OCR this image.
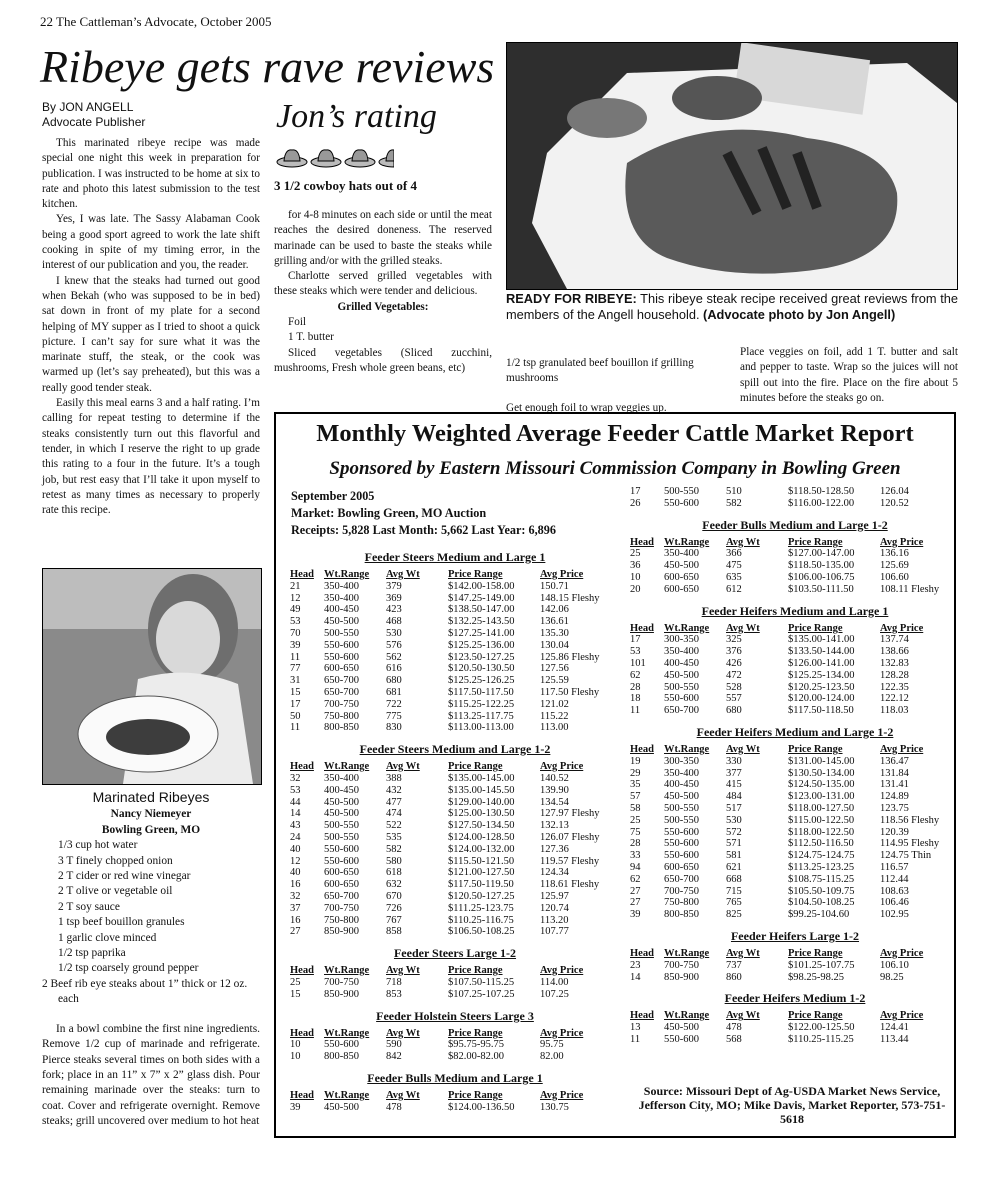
22 The Cattleman’s Advocate, October 2005
Ribeye gets rave reviews
By JON ANGELL
Advocate Publisher

This marinated ribeye recipe was made special one night this week in preparation for publication. I was instructed to be home at six to rate and photo this latest submission to the test kitchen.

Yes, I was late. The Sassy Alabaman Cook being a good sport agreed to work the late shift cooking in spite of my timing error, in the interest of our publication and you, the reader.

I knew that the steaks had turned out good when Bekah (who was supposed to be in bed) sat down in front of my plate for a second helping of MY supper as I tried to shoot a quick picture. I can’t say for sure what it was the marinate stuff, the steak, or the cook was warmed up (let’s say preheated), but this was a really good tender steak.

Easily this meal earns 3 and a half rating. I’m calling for repeat testing to determine if the steaks consistently turn out this flavorful and tender, in which I reserve the right to up grade this rating to a four in the future. It’s a tough job, but rest easy that I’ll take it upon myself to retest as many times as necessary to properly rate this recipe.

Jon’s rating
3 1/2 cowboy hats out of 4

for 4-8 minutes on each side or until the meat reaches the desired doneness. The reserved marinade can be used to baste the steaks while grilling and/or with the grilled steaks.

Charlotte served grilled vegetables with these steaks which were tender and delicious.

Grilled Vegetables:

Foil

1 T. butter

Sliced vegetables (Sliced zucchini, mushrooms, Fresh whole green beans, etc)

READY FOR RIBEYE: This ribeye steak recipe received great reviews from the members of the Angell household. (Advocate photo by Jon Angell)

1/2 tsp granulated beef bouillon if grilling mushrooms

Get enough foil to wrap veggies up.

Place veggies on foil, add 1 T. butter and salt and pepper to taste. Wrap so the juices will not spill out into the fire. Place on the fire about 5 minutes before the steaks go on.
Marinated Ribeyes
Nancy Niemeyer
Bowling Green, MO
1/3 cup hot water
3 T finely chopped onion
2 T cider or red wine vinegar
2 T olive or vegetable oil
2 T soy sauce
1 tsp beef bouillon granules
1 garlic clove minced
1/2 tsp paprika
1/2 tsp coarsely ground pepper
2 Beef rib eye steaks about 1” thick or 12 oz. each
In a bowl combine the first nine ingredients. Remove 1/2 cup of marinade and refrigerate. Pierce steaks several times on both sides with a fork; place in an 11” x 7” x 2” glass dish. Pour remaining marinade over the steaks: turn to coat. Cover and refrigerate overnight. Remove steaks; grill uncovered over medium to hot heat
Monthly Weighted Average Feeder Cattle Market Report
Sponsored by Eastern Missouri Commission Company in Bowling Green
September 2005
Market: Bowling Green, MO Auction
Receipts: 5,828 Last Month: 5,662 Last Year: 6,896
Feeder Steers Medium and Large 1
Head Wt.Range	Avg Wt	Price Range	Avg Price
21	350-400	379	$142.00-158.00	150.71
12	350-400	369	$147.25-149.00	148.15 Fleshy
49	400-450	423	$138.50-147.00	142.06
53	450-500	468	$132.25-143.50	136.61
70	500-550	530	$127.25-141.00	135.30
39	550-600	576	$125.25-136.00	130.04
11	550-600	562	$123.50-127.25	125.86 Fleshy
77	600-650	616	$120.50-130.50	127.56
31	650-700	680	$125.25-126.25	125.59
15	650-700	681	$117.50-117.50	117.50 Fleshy
17	700-750	722	$115.25-122.25	121.02
50	750-800	775	$113.25-117.75	115.22
11	800-850	830	$113.00-113.00	113.00
Feeder Steers Medium and Large 1-2
Head Wt.Range	Avg Wt	Price Range	Avg Price
32	350-400	388	$135.00-145.00	140.52
53	400-450	432	$135.00-145.50	139.90
44	450-500	477	$129.00-140.00	134.54
14	450-500	474	$125.00-130.50	127.97 Fleshy
43	500-550	522	$127.50-134.50	132.13
24	500-550	535	$124.00-128.50	126.07 Fleshy
40	550-600	582	$124.00-132.00	127.36
12	550-600	580	$115.50-121.50	119.57 Fleshy
40	600-650	618	$121.00-127.50	124.34
16	600-650	632	$117.50-119.50	118.61 Fleshy
32	650-700	670	$120.50-127.25	125.97
37	700-750	726	$111.25-123.75	120.74
16	750-800	767	$110.25-116.75	113.20
27	850-900	858	$106.50-108.25	107.77
Feeder Steers Large 1-2
Head Wt.Range	Avg Wt	Price Range	Avg Price
25	700-750	718	$107.50-115.25	114.00
15	850-900	853	$107.25-107.25	107.25
Feeder Holstein Steers Large 3
Head Wt.Range	Avg Wt	Price Range	Avg Price
10	550-600	590	$95.75-95.75	95.75
10	800-850	842	$82.00-82.00	82.00
Feeder Bulls Medium and Large 1
Head Wt.Range	Avg Wt	Price Range	Avg Price
39	450-500	478	$124.00-136.50	130.75
17	500-550	510	$118.50-128.50	126.04
26	550-600	582	$116.00-122.00	120.52
Feeder Bulls Medium and Large 1-2
Head Wt.Range	Avg Wt	Price Range	Avg Price
25	350-400	366	$127.00-147.00	136.16
36	450-500	475	$118.50-135.00	125.69
10	600-650	635	$106.00-106.75	106.60
20	600-650	612	$103.50-111.50	108.11 Fleshy
Feeder Heifers Medium and Large 1
Head Wt.Range	Avg Wt	Price Range	Avg Price
17	300-350	325	$135.00-141.00	137.74
53	350-400	376	$133.50-144.00	138.66
101	400-450	426	$126.00-141.00	132.83
62	450-500	472	$125.25-134.00	128.28
28	500-550	528	$120.25-123.50	122.35
18	550-600	557	$120.00-124.00	122.12
11	650-700	680	$117.50-118.50	118.03
Feeder Heifers Medium and Large 1-2
Head Wt.Range	Avg Wt	Price Range	Avg Price
19	300-350	330	$131.00-145.00	136.47
29	350-400	377	$130.50-134.00	131.84
35	400-450	415	$124.50-135.00	131.41
57	450-500	484	$123.00-131.00	124.89
58	500-550	517	$118.00-127.50	123.75
25	500-550	530	$115.00-122.50	118.56 Fleshy
75	550-600	572	$118.00-122.50	120.39
28	550-600	571	$112.50-116.50	114.95 Fleshy
33	550-600	581	$124.75-124.75	124.75 Thin
94	600-650	621	$113.25-123.25	116.57
62	650-700	668	$108.75-115.25	112.44
27	700-750	715	$105.50-109.75	108.63
27	750-800	765	$104.50-108.25	106.46
39	800-850	825	$99.25-104.60	102.95
Feeder Heifers Large 1-2
Head Wt.Range	Avg Wt	Price Range	Avg Price
23	700-750	737	$101.25-107.75	106.10
14	850-900	860	$98.25-98.25	98.25
Feeder Heifers Medium 1-2
Head Wt.Range	Avg Wt	Price Range	Avg Price
13	450-500	478	$122.00-125.50	124.41
11	550-600	568	$110.25-115.25	113.44
Source: Missouri Dept of Ag-USDA Market News Service, Jefferson City, MO; Mike Davis, Market Reporter, 573-751-5618
